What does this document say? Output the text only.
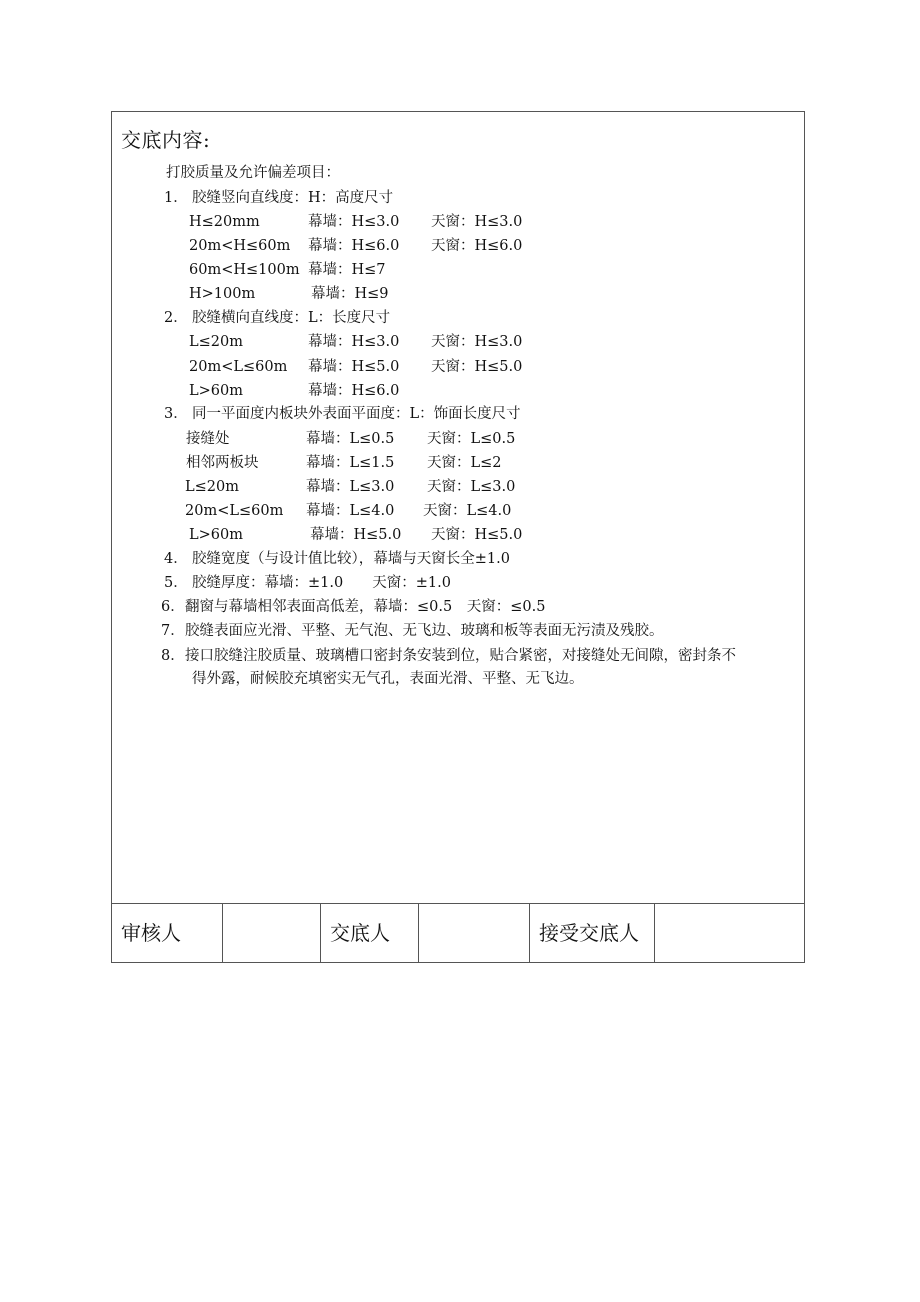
交底内容:
打胶质量及允许偏差项目：
1． 胶缝竖向直线度：H：高度尺寸
H≤20mm	幕墙：H≤3.0 天窗：H≤3.0
20m<H≤60m 幕墙：H≤6.0 天窗：H≤6.0
60m<H≤100m 幕墙：H≤7
H>100m	幕墙：H≤9
2． 胶缝横向直线度：L：长度尺寸
L≤20m	幕墙：H≤3.0 天窗：H≤3.0
20m<L≤60m 幕墙：H≤5.0 天窗：H≤5.0
L>60m	幕墙：H≤6.0
3． 同一平面度内板块外表面平面度：L：饰面长度尺寸
接缝处	幕墙：L≤0.5 天窗：L≤0.5
相邻两板块	幕墙：L≤1.5 天窗：L≤2
L≤20m	幕墙：L≤3.0 天窗：L≤3.0
20m<L≤60m 幕墙：L≤4.0 天窗：L≤4.0
L>60m	幕墙：H≤5.0 天窗：H≤5.0
4． 胶缝宽度（与设计值比较），幕墙与天窗长全±1.0
5． 胶缝厚度：幕墙：±1.0　　天窗：±1.0
6． 翻窗与幕墙相邻表面高低差，幕墙：≤0.5　天窗：≤0.5
7． 胶缝表面应光滑、平整、无气泡、无飞边、玻璃和板等表面无污渍及残胶。
8． 接口胶缝注胶质量、玻璃槽口密封条安装到位，贴合紧密，对接缝处无间隙，密封条不
得外露，耐候胶充填密实无气孔，表面光滑、平整、无飞边。
审核人	交底人	接受交底人
